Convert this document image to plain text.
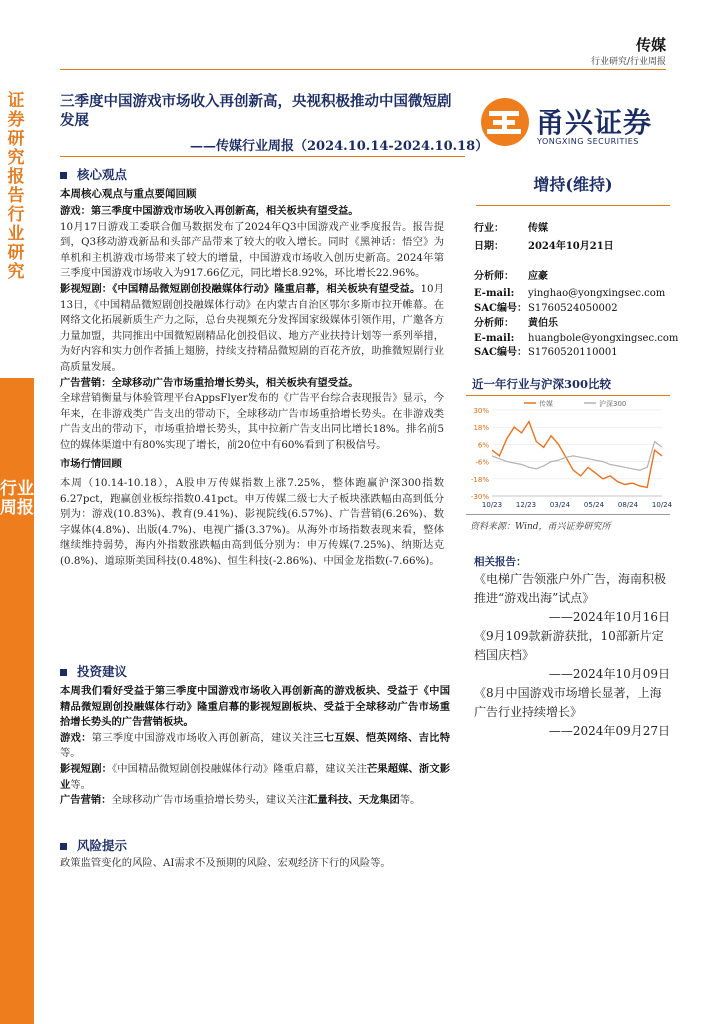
传媒
行业研究/行业周报
证券研究报告 行业研究
行业周报
三季度中国游戏市场收入再创新高，央视积极推动中国微短剧发展
——传媒行业周报（2024.10.14-2024.10.18）
甬兴证券
YONGXING SECURITIES
核心观点
本周核心观点与重点要闻回顾
游戏：第三季度中国游戏市场收入再创新高，相关板块有望受益。
10月17日游戏工委联合伽马数据发布了2024年Q3中国游戏产业季度报告。报告提到，Q3移动游戏新品和头部产品带来了较大的收入增长。同时《黑神话：悟空》为单机和主机游戏市场带来了较大的增量，中国游戏市场收入创历史新高。2024年第三季度中国游戏市场收入为917.66亿元，同比增长8.92%，环比增长22.96%。
影视短剧：《中国精品微短剧创投融媒体行动》隆重启幕，相关板块有望受益。10月13日，《中国精品微短剧创投融媒体行动》在内蒙古自治区鄂尔多斯市拉开帷幕。在网络文化拓展新质生产力之际，总台央视频充分发挥国家级媒体引领作用，广邀各方力量加盟，共同推出中国微短剧精品化创投倡议、地方产业扶持计划等一系列举措，为好内容和实力创作者插上翅膀，持续支持精品微短剧的百花齐放，助推微短剧行业高质量发展。
广告营销：全球移动广告市场重拾增长势头，相关板块有望受益。
全球营销衡量与体验管理平台AppsFlyer发布的《广告平台综合表现报告》显示，今年来，在非游戏类广告支出的带动下，全球移动广告市场重拾增长势头。在非游戏类广告支出的带动下，市场重拾增长势头，其中拉新广告支出同比增长18%。排名前5位的媒体渠道中有80%实现了增长，前20位中有60%看到了积极信号。
市场行情回顾
本周（10.14-10.18），A股申万传媒指数上涨7.25%，整体跑赢沪深300指数6.27pct，跑赢创业板综指数0.41pct。申万传媒二级七大子板块涨跌幅由高到低分别为：游戏(10.83%)、教育(9.41%)、影视院线(6.57%)、广告营销(6.26%)、数字媒体(4.8%)、出版(4.7%)、电视广播(3.37%)。从海外市场指数表现来看，整体继续维持弱势，海内外指数涨跌幅由高到低分别为：申万传媒(7.25%)、纳斯达克(0.8%)、道琼斯美国科技(0.48%)、恒生科技(-2.86%)、中国金龙指数(-7.66%)。
投资建议
本周我们看好受益于第三季度中国游戏市场收入再创新高的游戏板块、受益于《中国精品微短剧创投融媒体行动》隆重启幕的影视短剧板块、受益于全球移动广告市场重拾增长势头的广告营销板块。
游戏：第三季度中国游戏市场收入再创新高，建议关注三七互娱、恺英网络、吉比特等。
影视短剧：《中国精品微短剧创投融媒体行动》隆重启幕，建议关注芒果超媒、浙文影业等。
广告营销：全球移动广告市场重拾增长势头，建议关注汇量科技、天龙集团等。
风险提示
政策监管变化的风险、AI需求不及预期的风险、宏观经济下行的风险等。
增持(维持)
行业： 传媒
日期： 2024年10月21日
分析师： 应豪
E-mail: yinghao@yongxingsec.com
SAC编号：S1760524050002
分析师： 黄伯乐
E-mail: huangbole@yongxingsec.com
SAC编号：S1760520110001
近一年行业与沪深300比较
30%
18%
6%
-6%
-18%
-30%
10/23 12/23 03/24 05/24 08/24 10/24
传媒	沪深300
资料来源：Wind，甬兴证券研究所
相关报告：
《电梯广告领涨户外广告，海南积极推进“游戏出海”试点》
——2024年10月16日
《9月109款新游获批，10部新片定档国庆档》
——2024年10月09日
《8月中国游戏市场增长显著，上海广告行业持续增长》
——2024年09月27日
